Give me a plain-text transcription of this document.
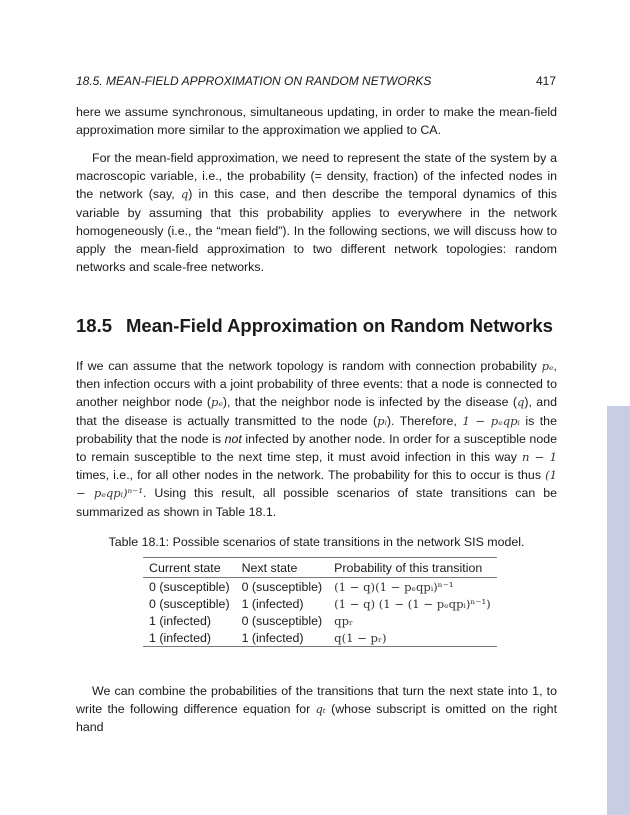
18.5. MEAN-FIELD APPROXIMATION ON RANDOM NETWORKS	417

here we assume synchronous, simultaneous updating, in order to make the mean-field approximation more similar to the approximation we applied to CA.

For the mean-field approximation, we need to represent the state of the system by a macroscopic variable, i.e., the probability (= density, fraction) of the infected nodes in the network (say, q) in this case, and then describe the temporal dynamics of this variable by assuming that this probability applies to everywhere in the network homogeneously (i.e., the “mean field”). In the following sections, we will discuss how to apply the mean-field approximation to two different network topologies: random networks and scale-free networks.

18.5 Mean-Field Approximation on Random Networks

If we can assume that the network topology is random with connection probability pₑ, then infection occurs with a joint probability of three events: that a node is connected to another neighbor node (pₑ), that the neighbor node is infected by the disease (q), and that the disease is actually transmitted to the node (pᵢ). Therefore, 1 − pₑqpᵢ is the probability that the node is not infected by another node. In order for a susceptible node to remain susceptible to the next time step, it must avoid infection in this way n − 1 times, i.e., for all other nodes in the network. The probability for this to occur is thus (1 − pₑqpᵢ)ⁿ⁻¹. Using this result, all possible scenarios of state transitions can be summarized as shown in Table 18.1.

Table 18.1: Possible scenarios of state transitions in the network SIS model.
Current state	Next state	Probability of this transition
0 (susceptible)	0 (susceptible)	(1 − q)(1 − pₑqpᵢ)ⁿ⁻¹
0 (susceptible)	1 (infected)	(1 − q) (1 − (1 − pₑqpᵢ)ⁿ⁻¹)
1 (infected)	0 (susceptible)	qpᵣ
1 (infected)	1 (infected)	q(1 − pᵣ)

We can combine the probabilities of the transitions that turn the next state into 1, to write the following difference equation for qₜ (whose subscript is omitted on the right hand
